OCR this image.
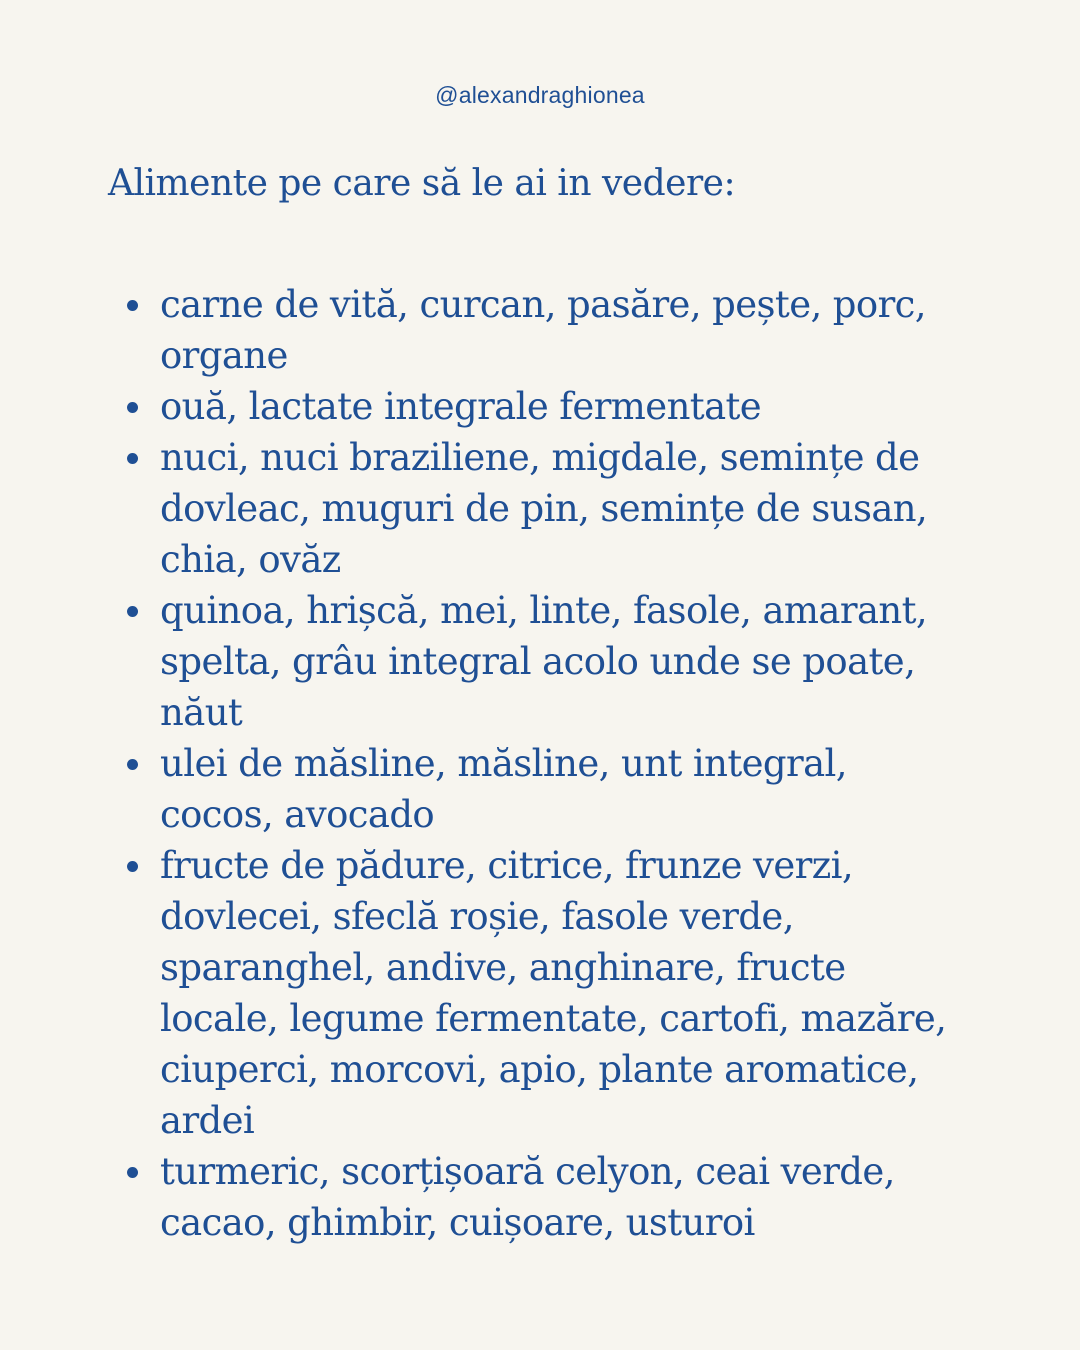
@alexandraghionea
Alimente pe care să le ai in vedere:
carne de vită, curcan, pasăre, pește, porc, organe
ouă, lactate integrale fermentate
nuci, nuci braziliene, migdale, semințe de dovleac, muguri de pin, semințe de susan, chia, ovăz
quinoa, hrișcă, mei, linte, fasole, amarant, spelta, grâu integral acolo unde se poate, năut
ulei de măsline, măsline, unt integral, cocos, avocado
fructe de pădure, citrice, frunze verzi, dovlecei, sfeclă roșie, fasole verde, sparanghel, andive, anghinare, fructe locale, legume fermentate, cartofi, mazăre, ciuperci, morcovi, apio, plante aromatice, ardei
turmeric, scorțișoară celyon, ceai verde, cacao, ghimbir, cuișoare, usturoi
